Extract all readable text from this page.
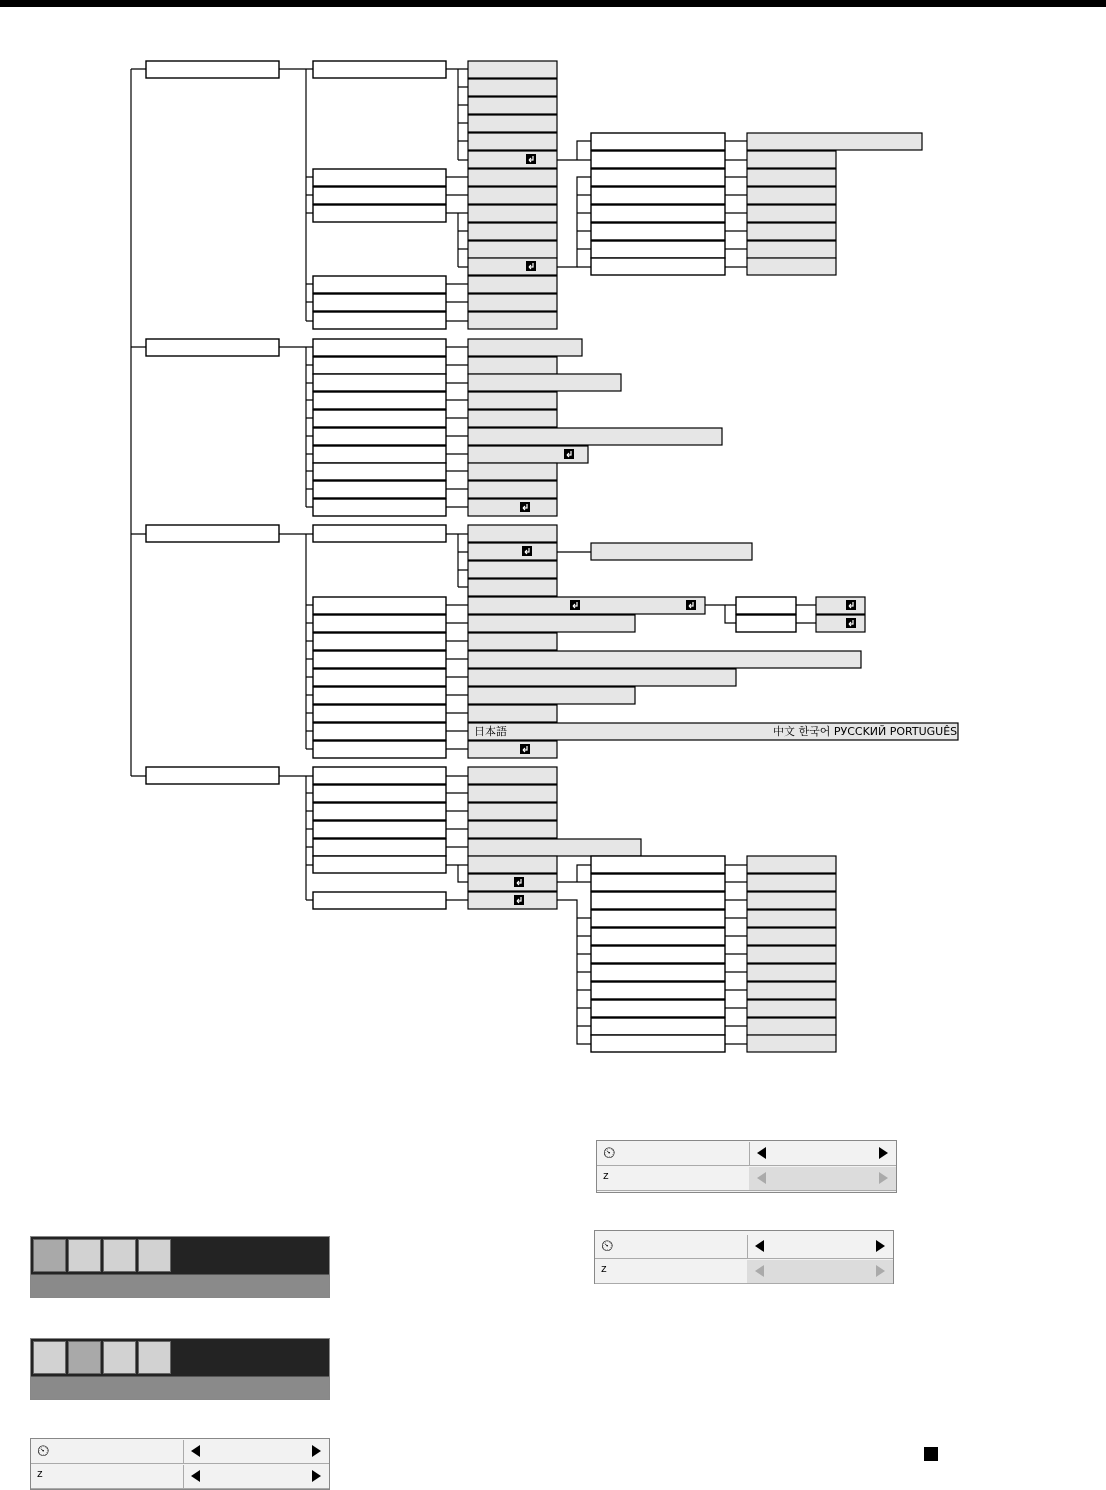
日本語	中文 한국어 PУCCKИЙ PORTUGUÊS
⏲
ᶻ
⏲
ᶻ
⏲
ᶻ
